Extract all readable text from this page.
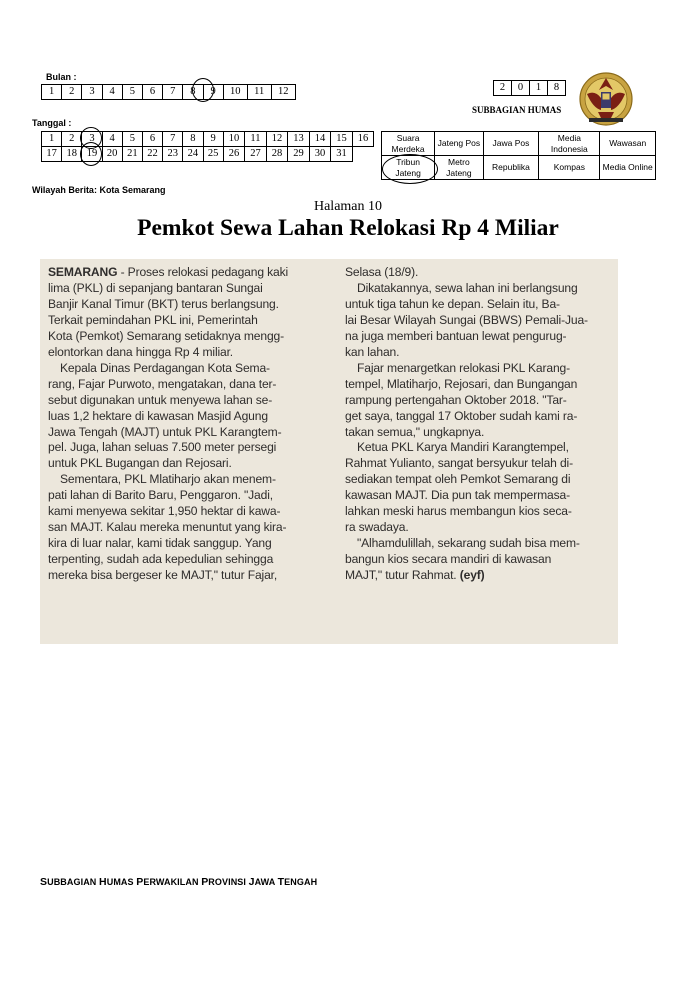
Bulan :
1	2	3	4	5	6	7	8	9	10	11	12	2	0	1	8
SUBBAGIAN HUMAS
Tanggal :
1	2	3	4	5	6	7	8	9	10	11	12	13	14	15	16
17	18	19	20	21	22	23	24	25	26	27	28	29	30	31	
Suara Merdeka	Jateng Pos	Jawa Pos	Media Indonesia	Wawasan
Tribun Jateng	Metro Jateng	Republika	Kompas	Media Online
Wilayah Berita: Kota Semarang
Halaman 10
Pemkot Sewa Lahan Relokasi Rp 4 Miliar
SEMARANG - Proses relokasi pedagang kaki
lima (PKL) di sepanjang bantaran Sungai
Banjir Kanal Timur (BKT) terus berlangsung.
Terkait pemindahan PKL ini, Pemerintah
Kota (Pemkot) Semarang setidaknya mengg-
elontorkan dana hingga Rp 4 miliar.
Kepala Dinas Perdagangan Kota Sema-
rang, Fajar Purwoto, mengatakan, dana ter-
sebut digunakan untuk menyewa lahan se-
luas 1,2 hektare di kawasan Masjid Agung
Jawa Tengah (MAJT) untuk PKL Karangtem-
pel. Juga, lahan seluas 7.500 meter persegi
untuk PKL Bugangan dan Rejosari.
Sementara, PKL Mlatiharjo akan menem-
pati lahan di Barito Baru, Penggaron. "Jadi,
kami menyewa sekitar 1,950 hektar di kawa-
san MAJT. Kalau mereka menuntut yang kira-
kira di luar nalar, kami tidak sanggup. Yang
terpenting, sudah ada kepedulian sehingga
mereka bisa bergeser ke MAJT," tutur Fajar,
Selasa (18/9).
Dikatakannya, sewa lahan ini berlangsung
untuk tiga tahun ke depan. Selain itu, Ba-
lai Besar Wilayah Sungai (BBWS) Pemali-Jua-
na juga memberi bantuan lewat pengurug-
kan lahan.
Fajar menargetkan relokasi PKL Karang-
tempel, Mlatiharjo, Rejosari, dan Bungangan
rampung pertengahan Oktober 2018. "Tar-
get saya, tanggal 17 Oktober sudah kami ra-
takan semua," ungkapnya.
Ketua PKL Karya Mandiri Karangtempel,
Rahmat Yulianto, sangat bersyukur telah di-
sediakan tempat oleh Pemkot Semarang di
kawasan MAJT. Dia pun tak mempermasa-
lahkan meski harus membangun kios seca-
ra swadaya.
"Alhamdulillah, sekarang sudah bisa mem-
bangun kios secara mandiri di kawasan
MAJT," tutur Rahmat. (eyf)
SUBBAGIAN HUMAS PERWAKILAN PROVINSI JAWA TENGAH
